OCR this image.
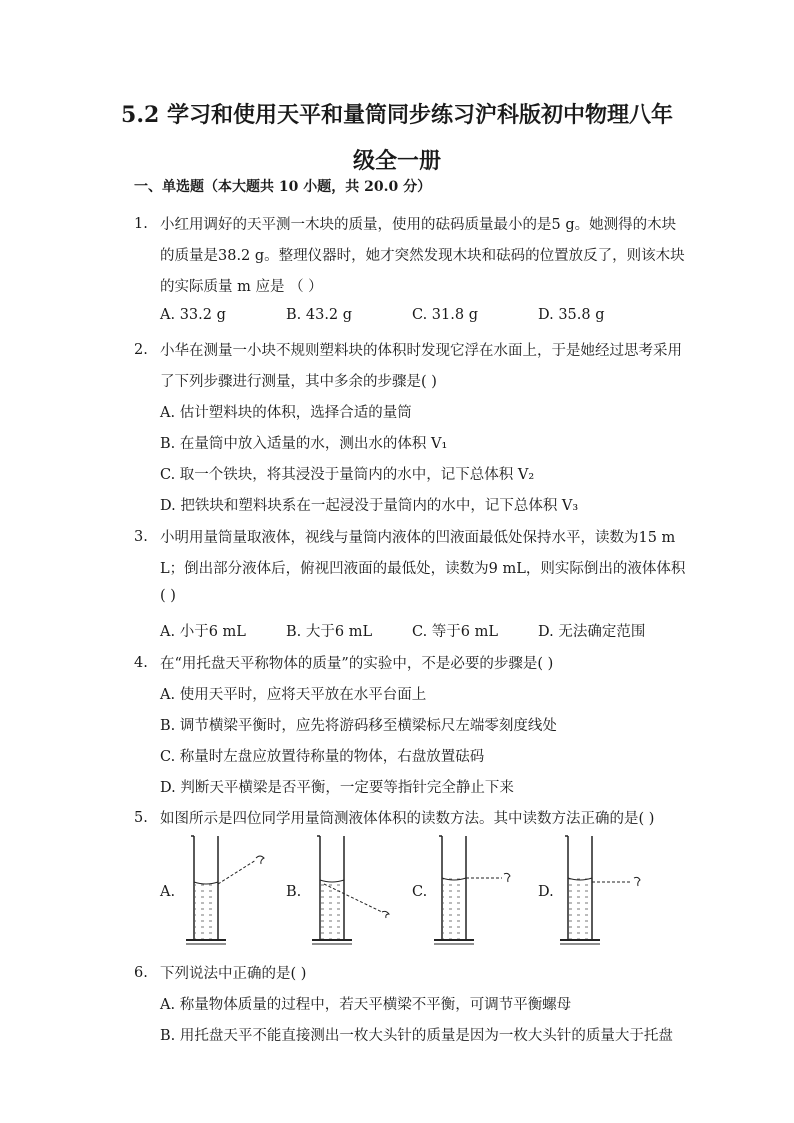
5.2 学习和使用天平和量筒同步练习沪科版初中物理八年
级全一册
一、单选题（本大题共 10 小题，共 20.0 分）
1. 小红用调好的天平测一木块的质量，使用的砝码质量最小的是5 g。她测得的木块
的质量是38.2 g。整理仪器时，她才突然发现木块和砝码的位置放反了，则该木块
的实际质量 m 应是 （ ）
A. 33.2 g	B. 43.2 g	C. 31.8 g	D. 35.8 g
2. 小华在测量一小块不规则塑料块的体积时发现它浮在水面上，于是她经过思考采用
了下列步骤进行测量，其中多余的步骤是( )
A. 估计塑料块的体积，选择合适的量筒
B. 在量筒中放入适量的水，测出水的体积 V₁
C. 取一个铁块，将其浸没于量筒内的水中，记下总体积 V₂
D. 把铁块和塑料块系在一起浸没于量筒内的水中，记下总体积 V₃
3. 小明用量筒量取液体，视线与量筒内液体的凹液面最低处保持水平，读数为15 m
L；倒出部分液体后，俯视凹液面的最低处，读数为9 mL，则实际倒出的液体体积
( )
A. 小于6 mL	B. 大于6 mL	C. 等于6 mL	D. 无法确定范围
4. 在“用托盘天平称物体的质量”的实验中，不是必要的步骤是( )
A. 使用天平时，应将天平放在水平台面上
B. 调节横梁平衡时，应先将游码移至横梁标尺左端零刻度线处
C. 称量时左盘应放置待称量的物体，右盘放置砝码
D. 判断天平横梁是否平衡，一定要等指针完全静止下来
5. 如图所示是四位同学用量筒测液体体积的读数方法。其中读数方法正确的是( )
A.	B.	C.	D.
6. 下列说法中正确的是( )
A. 称量物体质量的过程中，若天平横梁不平衡，可调节平衡螺母
B. 用托盘天平不能直接测出一枚大头针的质量是因为一枚大头针的质量大于托盘
